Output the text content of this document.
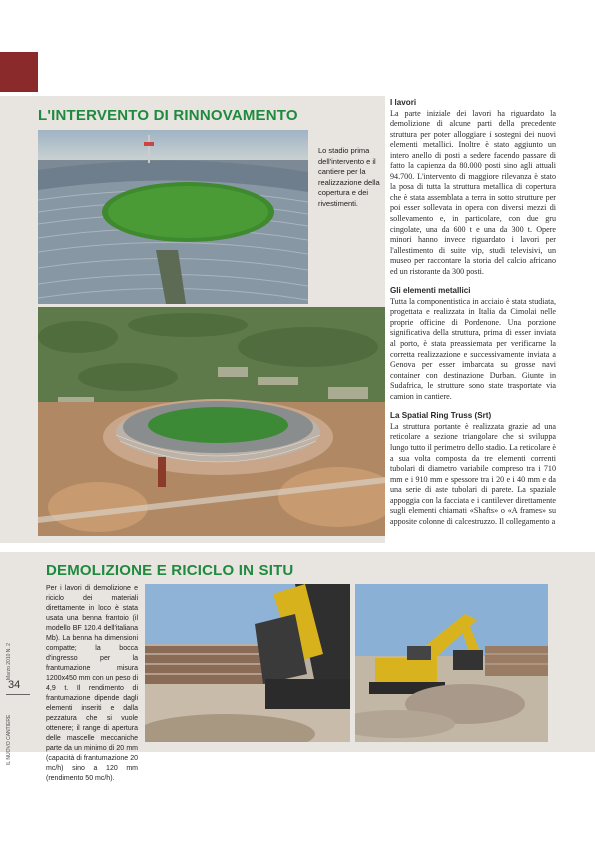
L'INTERVENTO DI RINNOVAMENTO
Lo stadio prima dell'intervento e il cantiere per la realizzazione della copertura e dei rivestimenti.
I lavori

La parte iniziale dei lavori ha riguardato la demolizione di alcune parti della precedente struttura per poter alloggiare i sostegni dei nuovi elementi metallici. Inoltre è stato aggiunto un intero anello di posti a sedere facendo passare di fatto la capienza da 80.000 posti sino agli attuali 94.700. L'intervento di maggiore rilevanza è stato la posa di tutta la struttura metallica di copertura che è stata assemblata a terra in sotto strutture per poi esser sollevata in opera con diversi mezzi di sollevamento e, in particolare, con due gru cingolate, una da 600 t e una da 300 t. Opere minori hanno invece riguardato i lavori per l'allestimento di suite vip, studi televisivi, un museo per raccontare la storia del calcio africano ed un ristorante da 300 posti.

Gli elementi metallici

Tutta la componentistica in acciaio è stata studiata, progettata e realizzata in Italia da Cimolai nelle proprie officine di Pordenone. Una porzione significativa della struttura, prima di esser inviata al porto, è stata preassiemata per verificarne la corretta realizzazione e successivamente inviata a Genova per esser imbarcata su grosse navi container con destinazione Durban. Giunte in Sudafrica, le strutture sono state trasportate via camion in cantiere.

La Spatial Ring Truss (Srt)

La struttura portante è realizzata grazie ad una reticolare a sezione triangolare che si sviluppa lungo tutto il perimetro dello stadio. La reticolare è a sua volta composta da tre elementi correnti tubolari di diametro variabile compreso tra i 710 mm e i 910 mm e spessore tra i 20 e i 40 mm e da una serie di aste tubolari di parete. La spaziale appoggia con la facciata e i cantilever direttamente sugli elementi chiamati «Shafts» o «A frames» su apposite colonne di calcestruzzo. Il collegamento a

DEMOLIZIONE E RICICLO IN SITU
Per i lavori di demolizione e riciclo dei materiali direttamente in loco è stata usata una benna frantoio (il modello BF 120.4 dell'italiana Mb). La benna ha dimensioni compatte; la bocca d'ingresso per la frantumazione misura 1200x450 mm con un peso di 4,9 t. Il rendimento di frantumazione dipende dagli elementi inseriti e dalla pezzatura che si vuole ottenere; il range di apertura delle mascelle meccaniche parte da un minimo di 20 mm (capacità di frantumazione 20 mc/h) sino a 120 mm (rendimento 50 mc/h).
34
IL NUOVO CANTIERE
Marzo 2010 N. 2
